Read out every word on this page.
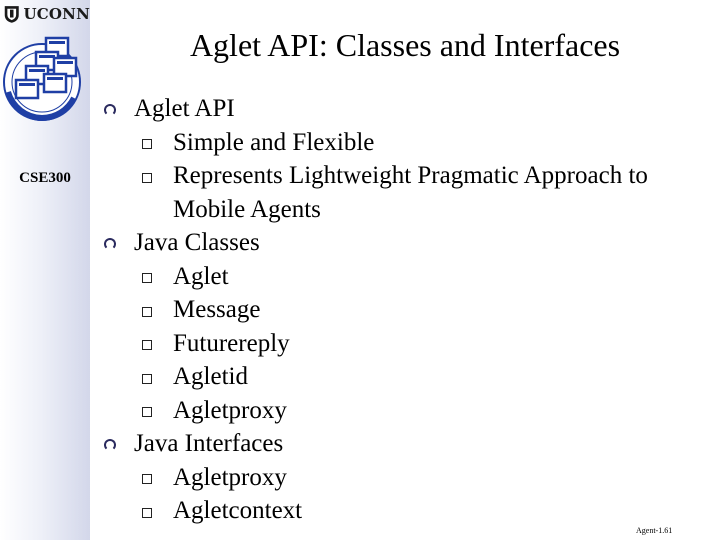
UCONN
CSE300
Aglet API: Classes and Interfaces
Aglet API
Simple and Flexible
Represents Lightweight Pragmatic Approach to
Mobile Agents
Java Classes
Aglet
Message
Futurereply
Agletid
Agletproxy
Java Interfaces
Agletproxy
Agletcontext
Agent-1.61
